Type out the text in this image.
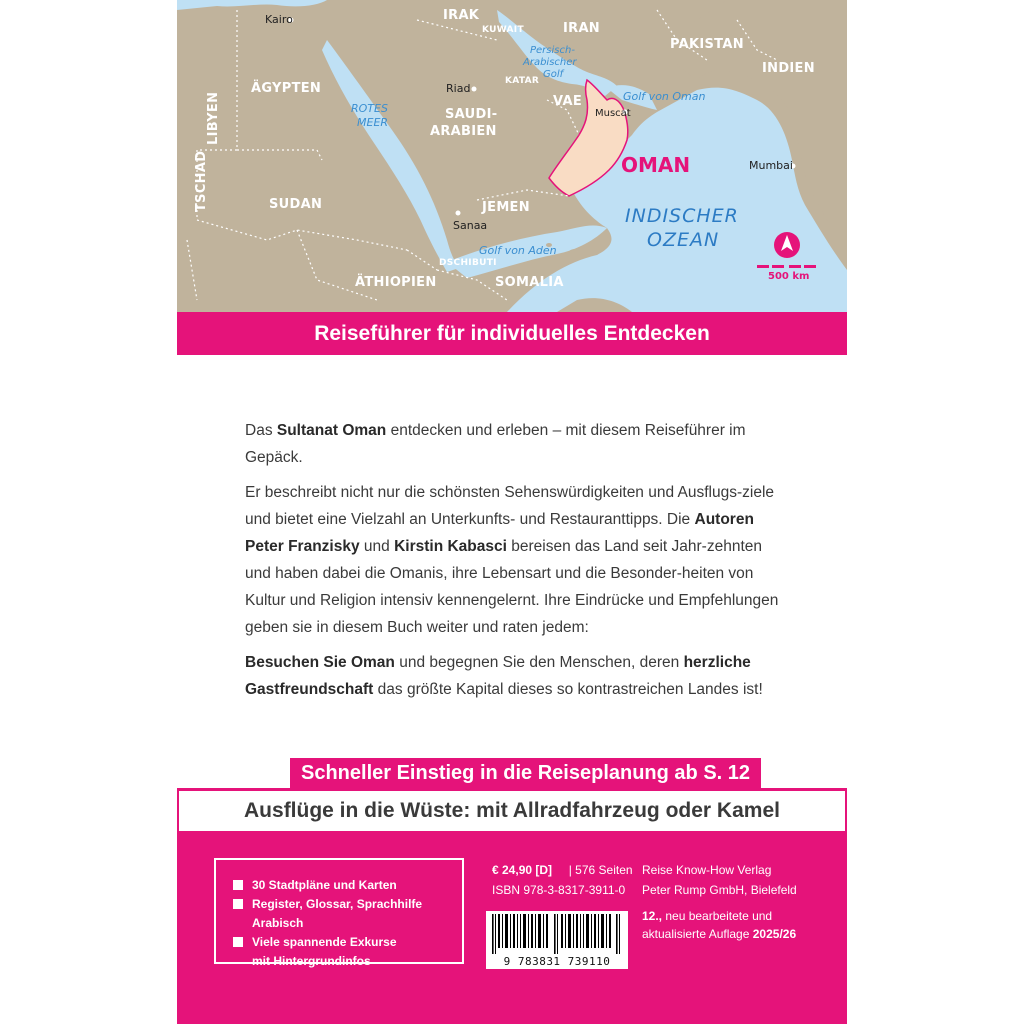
IRAK
IRAN
KUWAIT
PAKISTAN
INDIEN
ÄGYPTEN
LIBYEN
TSCHAD	SUDAN
SAUDI-
ARABIEN
KATAR
VAE
JEMEN
DSCHIBUTI
ÄTHIOPIEN	SOMALIA
OMAN
Kairo
Riad
Muscat
Mumbai
Sanaa
Persisch-
Arabischer
Golf
Golf von Oman
ROTES
MEER
Golf von Aden
INDISCHER
OZEAN
500 km
Reiseführer für individuelles Entdecken

Das Sultanat Oman entdecken und erleben – mit diesem Reiseführer im Gepäck.

Er beschreibt nicht nur die schönsten Sehenswürdigkeiten und Ausflugs-ziele und bietet eine Vielzahl an Unterkunfts- und Restauranttipps. Die Autoren Peter Franzisky und Kirstin Kabasci bereisen das Land seit Jahr-zehnten und haben dabei die Omanis, ihre Lebensart und die Besonder-heiten von Kultur und Religion intensiv kennengelernt. Ihre Eindrücke und Empfehlungen geben sie in diesem Buch weiter und raten jedem:

Besuchen Sie Oman und begegnen Sie den Menschen, deren herzliche Gastfreundschaft das größte Kapital dieses so kontrastreichen Landes ist!

Schneller Einstieg in die Reiseplanung ab S. 12
Ausflüge in die Wüste: mit Allradfahrzeug oder Kamel
30 Stadtpläne und Karten
Register, Glossar, Sprachhilfe Arabisch
Viele spannende Exkurse mit Hintergrundinfos
€ 24,90 [D] | 576 Seiten
ISBN 978-3-8317-3911-0
Reise Know-How Verlag
Peter Rump GmbH, Bielefeld
12., neu bearbeitete und
aktualisierte Auflage 2025/26
9 783831 739110
